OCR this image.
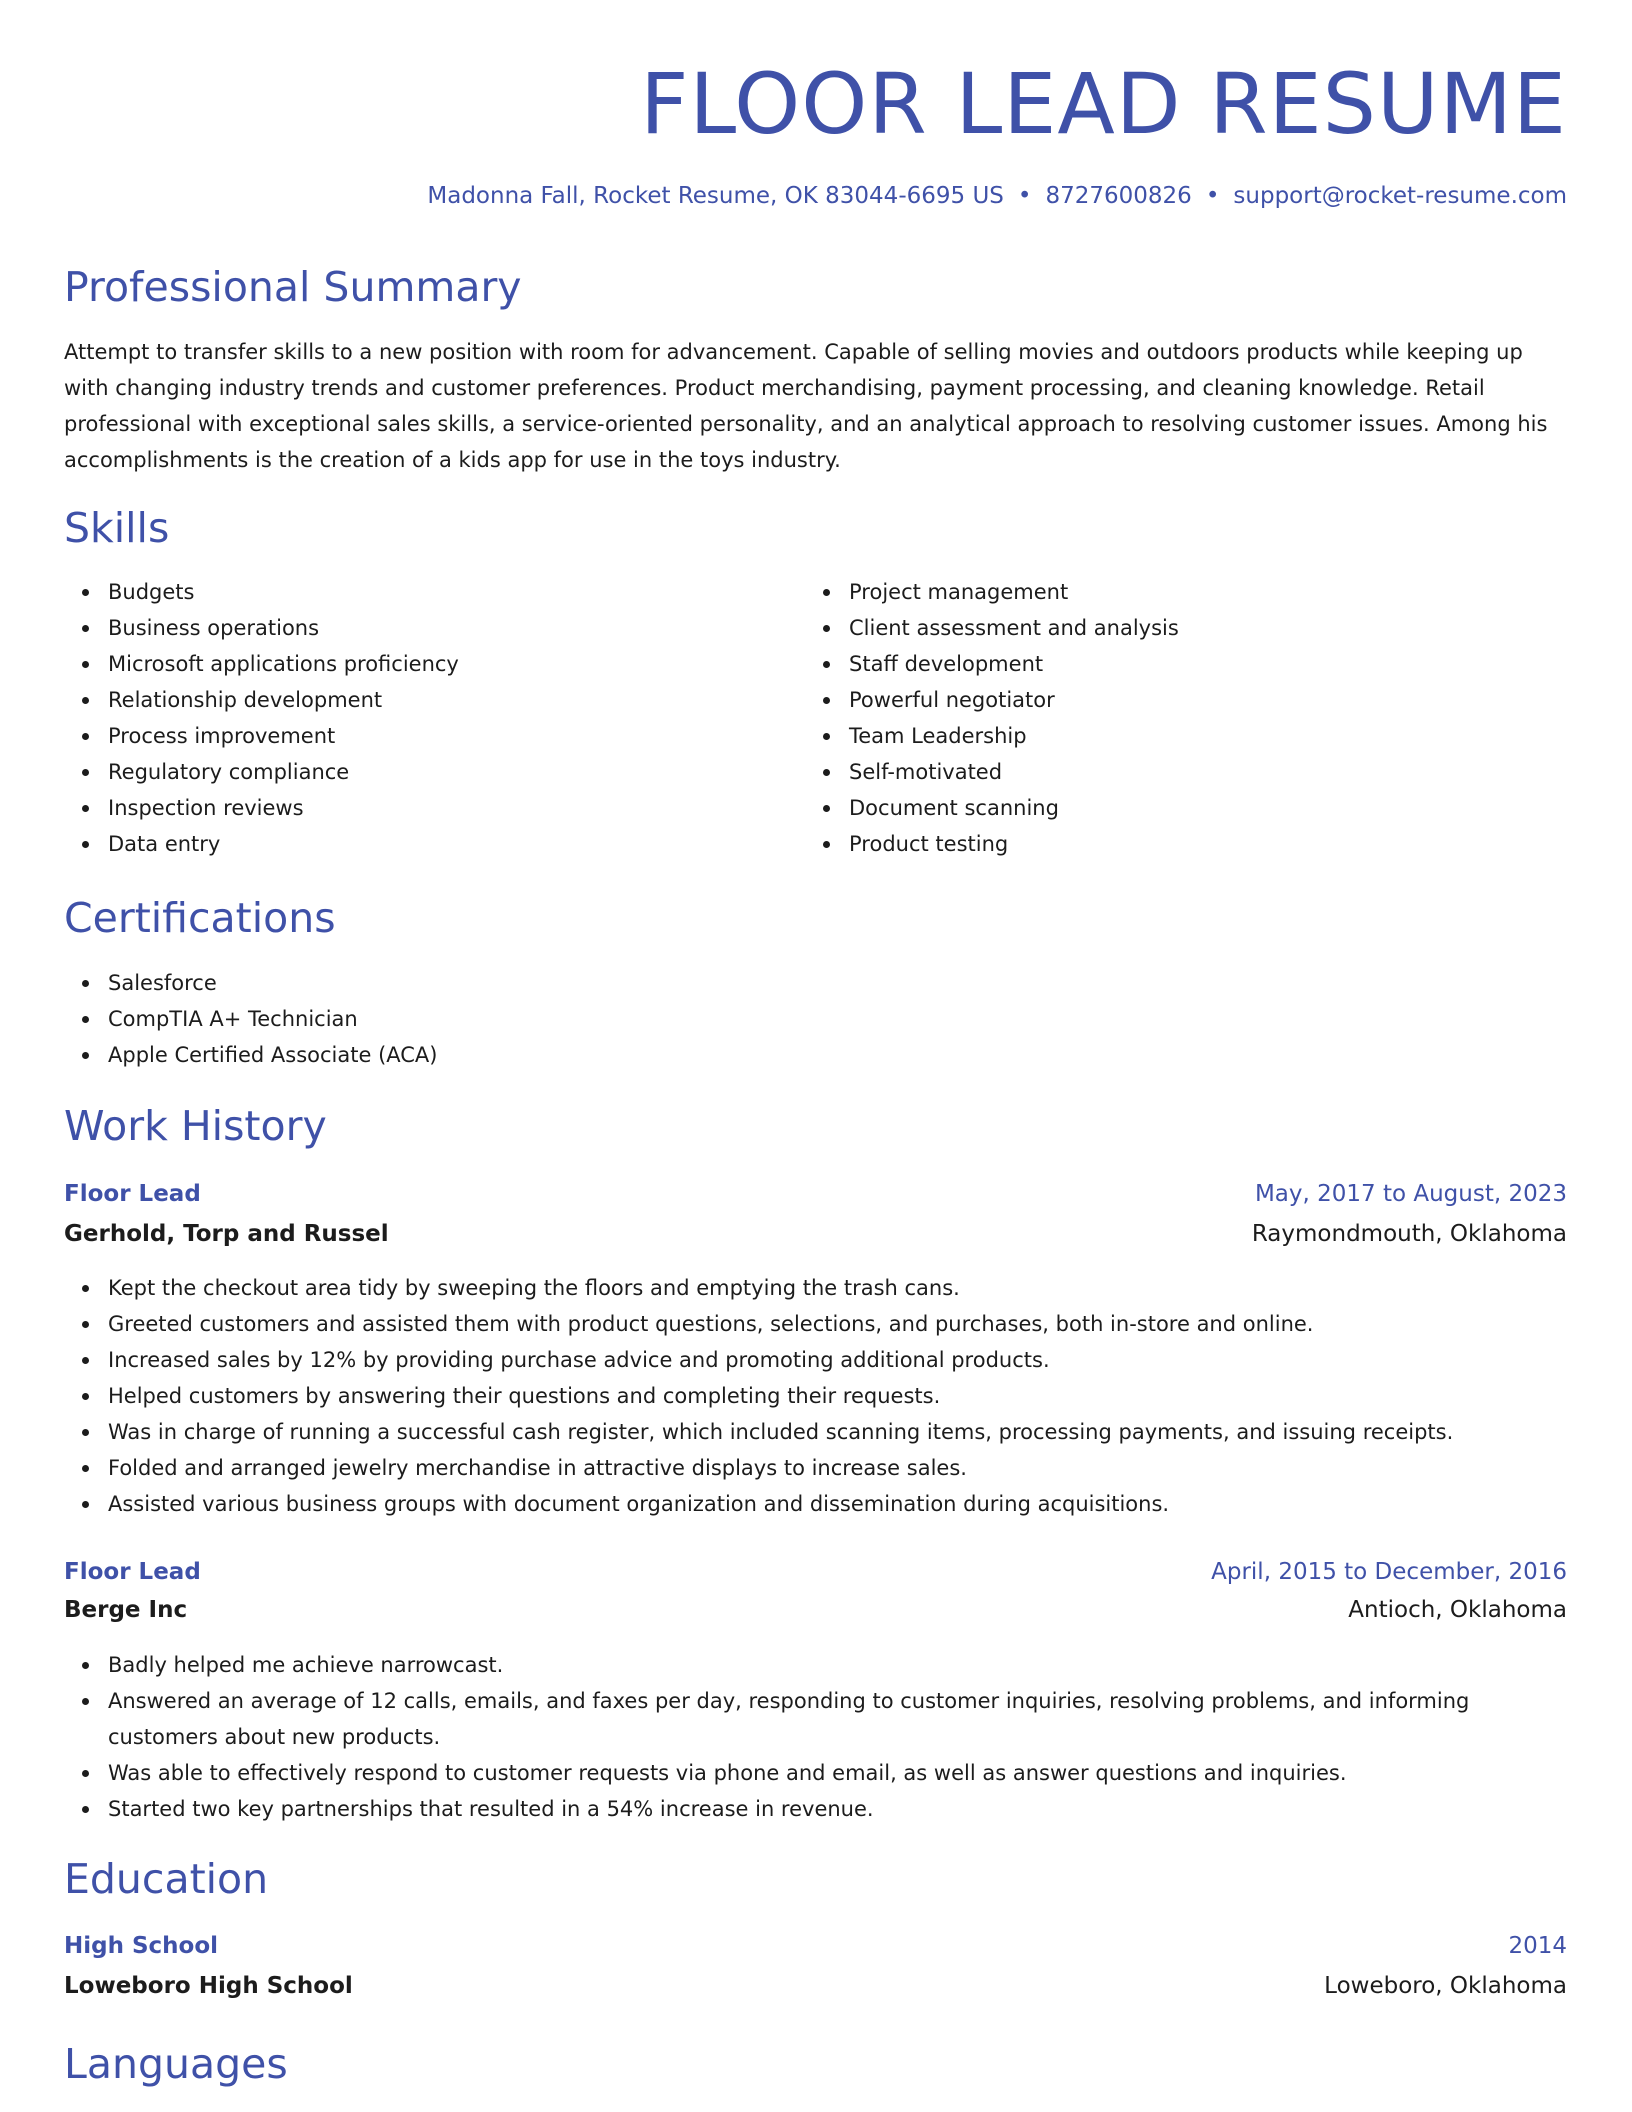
FLOOR LEAD RESUME
Madonna Fall, Rocket Resume, OK 83044-6695 US • 8727600826 • support@rocket-resume.com
Professional Summary

Attempt to transfer skills to a new position with room for advancement. Capable of selling movies and outdoors products while keeping up with changing industry trends and customer preferences. Product merchandising, payment processing, and cleaning knowledge. Retail professional with exceptional sales skills, a service-oriented personality, and an analytical approach to resolving customer issues. Among his accomplishments is the creation of a kids app for use in the toys industry.

Skills
Budgets
Business operations
Microsoft applications proficiency
Relationship development
Process improvement
Regulatory compliance
Inspection reviews
Data entry
Project management
Client assessment and analysis
Staff development
Powerful negotiator
Team Leadership
Self-motivated
Document scanning
Product testing
Certifications
Salesforce
CompTIA A+ Technician
Apple Certified Associate (ACA)
Work History
Floor Lead	May, 2017 to August, 2023
Gerhold, Torp and Russel	Raymondmouth, Oklahoma
Kept the checkout area tidy by sweeping the floors and emptying the trash cans.
Greeted customers and assisted them with product questions, selections, and purchases, both in-store and online.
Increased sales by 12% by providing purchase advice and promoting additional products.
Helped customers by answering their questions and completing their requests.
Was in charge of running a successful cash register, which included scanning items, processing payments, and issuing receipts.
Folded and arranged jewelry merchandise in attractive displays to increase sales.
Assisted various business groups with document organization and dissemination during acquisitions.
Floor Lead	April, 2015 to December, 2016
Berge Inc	Antioch, Oklahoma
Badly helped me achieve narrowcast.
Answered an average of 12 calls, emails, and faxes per day, responding to customer inquiries, resolving problems, and informing customers about new products.
Was able to effectively respond to customer requests via phone and email, as well as answer questions and inquiries.
Started two key partnerships that resulted in a 54% increase in revenue.
Education
High School	2014
Loweboro High School	Loweboro, Oklahoma
Languages
